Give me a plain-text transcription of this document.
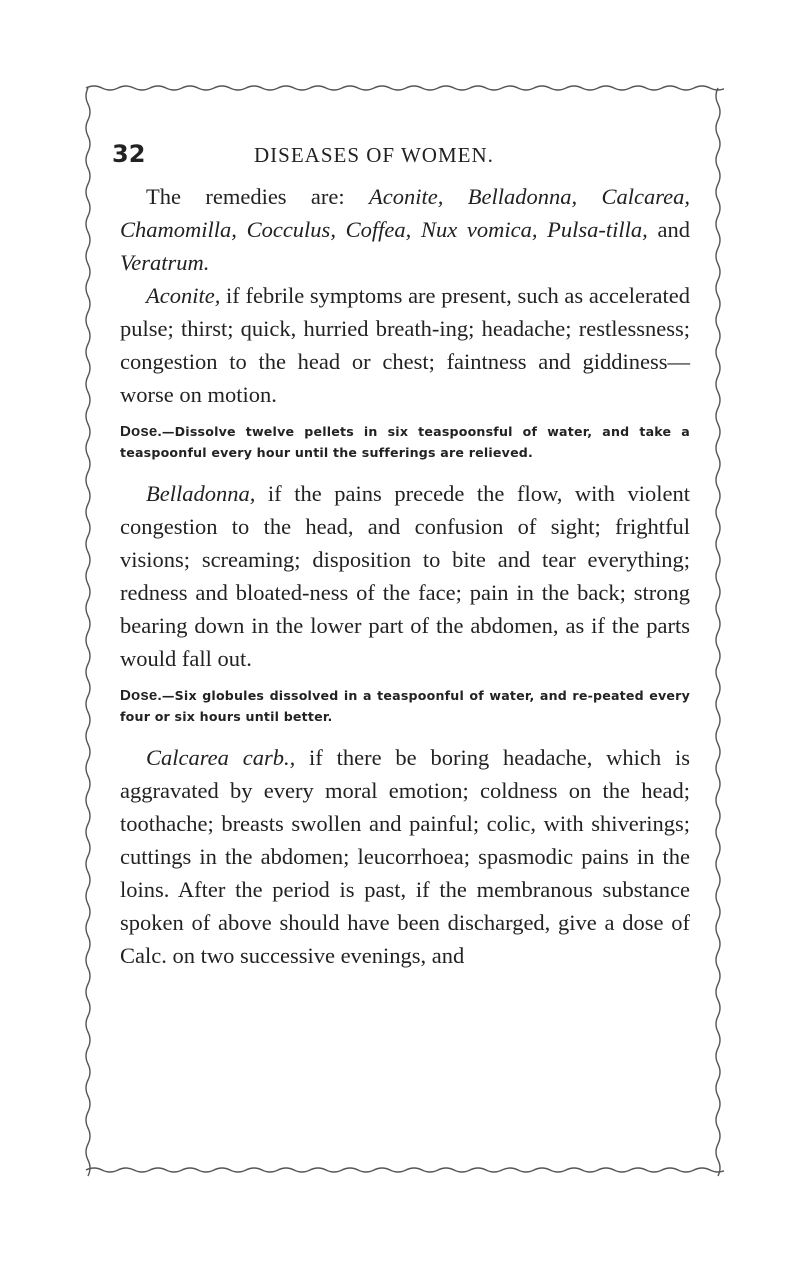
32	DISEASES OF WOMEN.

The remedies are: Aconite, Belladonna, Calcarea, Chamomilla, Cocculus, Coffea, Nux vomica, Pulsa-tilla, and Veratrum.

Aconite, if febrile symptoms are present, such as accelerated pulse; thirst; quick, hurried breath-ing; headache; restlessness; congestion to the head or chest; faintness and giddiness—worse on motion.

Dose.—Dissolve twelve pellets in six teaspoonsful of water, and take a teaspoonful every hour until the sufferings are relieved.

Belladonna, if the pains precede the flow, with violent congestion to the head, and confusion of sight; frightful visions; screaming; disposition to bite and tear everything; redness and bloated-ness of the face; pain in the back; strong bearing down in the lower part of the abdomen, as if the parts would fall out.

Dose.—Six globules dissolved in a teaspoonful of water, and re-peated every four or six hours until better.

Calcarea carb., if there be boring headache, which is aggravated by every moral emotion; coldness on the head; toothache; breasts swollen and painful; colic, with shiverings; cuttings in the abdomen; leucorrhoea; spasmodic pains in the loins. After the period is past, if the membranous substance spoken of above should have been discharged, give a dose of Calc. on two successive evenings, and
